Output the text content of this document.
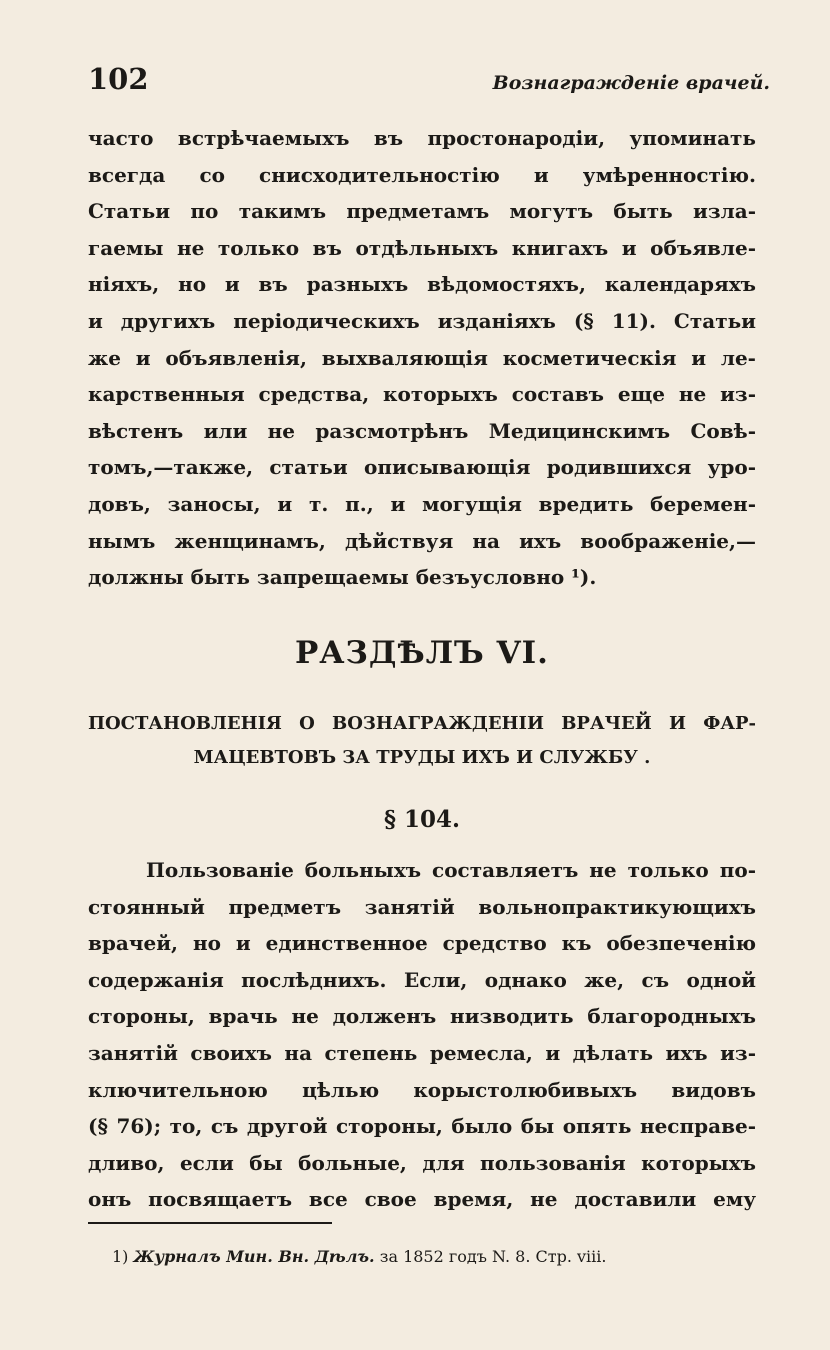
102	Вознагражденіе врачей.
часто встрѣчаемыхъ въ простонародіи, упоминать
всегда со снисходительностію и умѣренностію.
Статьи по такимъ предметамъ могутъ быть изла-
гаемы не только въ отдѣльныхъ книгахъ и объявле-
ніяхъ, но и въ разныхъ вѣдомостяхъ, календаряхъ
и другихъ періодическихъ изданіяхъ (§ 11). Статьи
же и объявленія, выхваляющія косметическія и ле-
карственныя средства, которыхъ составъ еще не из-
вѣстенъ или не разсмотрѣнъ Медицинскимъ Совѣ-
томъ,—также, статьи описывающія родившихся уро-
довъ, заносы, и т. п., и могущія вредить беремен-
нымъ женщинамъ, дѣйствуя на ихъ воображеніе,—
должны быть запрещаемы безъусловно ¹).
РАЗДѢЛЪ VI.
ПОСТАНОВЛЕНІЯ О ВОЗНАГРАЖДЕНІИ ВРАЧЕЙ И ФАР-
МАЦЕВТОВЪ ЗА ТРУДЫ ИХЪ И СЛУЖБУ .
§ 104.
Пользованіе больныхъ составляетъ не только по-
стоянный предметъ занятій вольнопрактикующихъ
врачей, но и единственное средство къ обезпеченію
содержанія послѣднихъ. Если, однако же, съ одной
стороны, врачь не долженъ низводить благородныхъ
занятій своихъ на степень ремесла, и дѣлать ихъ из-
ключительною цѣлью корыстолюбивыхъ видовъ
(§ 76); то, съ другой стороны, было бы опять несправе-
дливо, если бы больные, для пользованія которыхъ
онъ посвящаетъ все свое время, не доставили ему
1) Журналъ Мин. Вн. Дѣлъ. за 1852 годъ N. 8. Стр. viii.
